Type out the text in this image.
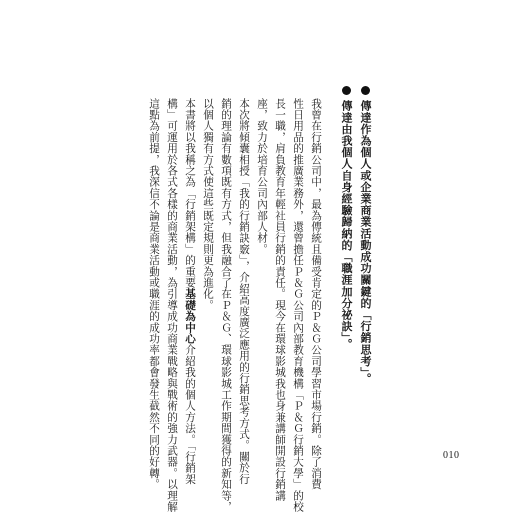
傳達作為個人或企業商業活動成功關鍵的「行銷思考」。
傳達由我個人自身經驗歸納的「職涯加分祕訣」。
我曾在行銷公司中，最為傳統且備受肯定的Ｐ＆Ｇ公司學習市場行銷。除了消費
性日用品的推廣業務外，還曾擔任Ｐ＆Ｇ公司內部教育機構「Ｐ＆Ｇ行銷大學」的校
長一職，肩負教育年輕社員行銷的責任。現今在環球影城我也身兼講師開設行銷講
座，致力於培育公司內部人材。
本次將傾囊相授「我的行銷訣竅」，介紹高度廣泛應用的行銷思考方式。關於行
銷的理論有數項既有方式，但我融合了在Ｐ＆Ｇ、環球影城工作期間獲得的新知等，
以個人獨有方式使這些既定規則更為進化。
本書將以我稱之為「行銷架構」的重要基礎為中心介紹我的個人方法。「行銷架
構」可運用於各式各樣的商業活動，為引導成功商業戰略與戰術的強力武器。以理解
這點為前提，我深信不論是商業活動或職涯的成功率都會發生截然不同的好轉。	010
